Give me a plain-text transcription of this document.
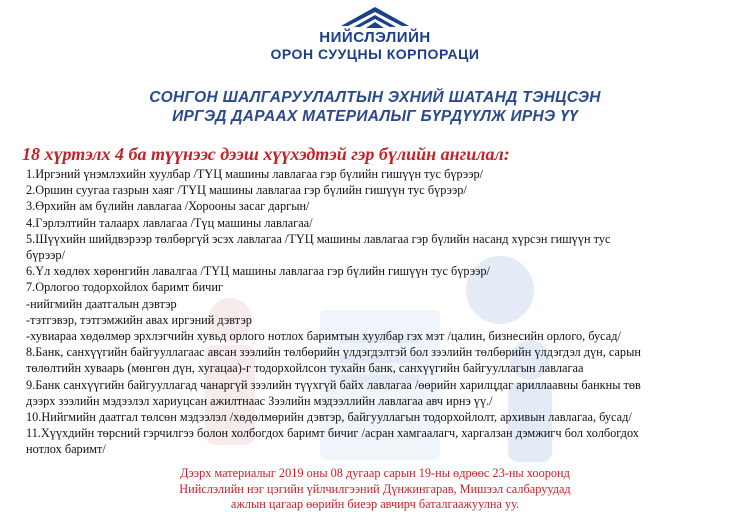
НИЙСЛЭЛИЙН
ОРОН СУУЦНЫ КОРПОРАЦИ
СОНГОН ШАЛГАРУУЛАЛТЫН ЭХНИЙ ШАТАНД ТЭНЦСЭН
ИРГЭД ДАРААХ МАТЕРИАЛЫГ БҮРДҮҮЛЖ ИРНЭ ҮҮ
18 хүртэлх 4 ба түүнээс дээш хүүхэдтэй гэр бүлийн ангилал:
1.Иргэний үнэмлэхийн хуулбар /ТҮЦ машины лавлагаа гэр бүлийн гишүүн тус бүрээр/
2.Оршин суугаа газрын хаяг /ТҮЦ машины лавлагаа гэр бүлийн гишүүн тус бүрээр/
3.Өрхийн ам бүлийн лавлагаа /Хорооны засаг даргын/
4.Гэрлэлтийн талаарх лавлагаа /Түц машины лавлагаа/
5.Шүүхийн шийдвэрээр төлбөргүй эсэх лавлагаа /ТҮЦ машины лавлагаа гэр бүлийн насанд хүрсэн гишүүн тус
бүрээр/
6.Үл хөдлөх хөрөнгийн лавалгаа /ТҮЦ машины лавлагаа гэр бүлийн гишүүн тус бүрээр/
7.Орлогоо тодорхойлох баримт бичиг
-нийгмийн даатгалын дэвтэр
-тэтгэвэр, тэтгэмжийн авах иргэний дэвтэр
-хувиараа хөдөлмөр эрхлэгчийн хувьд орлого нотлох баримтын хуулбар гэх мэт /цалин, бизнесийн орлого, бусад/
8.Банк, санхүүгийн байгууллагаас авсан зээлийн төлбөрийн үлдэгдэлтэй бол зээлийн төлбөрийн үлдэгдэл дүн, сарын
төлөлтийн хуваарь (мөнгөн дүн, хугацаа)-г тодорхойлсон тухайн банк, санхүүгийн байгууллагын лавлагаа
9.Банк санхүүгийн байгууллагад чанаргүй зээлийн түүхгүй байх лавлагаа /өөрийн харилцдаг ариллаавны банкны төв
дээрх зээлийн мэдээлэл хариуцсан ажилтнаас Зээлийн мэдээллийн лавлагаа авч ирнэ үү./
10.Нийгмийн даатгал төлсөн мэдээлэл /хөдөлмөрийн дэвтэр, байгууллагын тодорхойлолт, архивын лавлагаа, бусад/
11.Хүүхдийн төрсний гэрчилгээ болон холбогдох баримт бичиг /асран хамгаалагч, харгалзан дэмжигч бол холбогдох
нотлох баримт/
Дээрх материалыг 2019 оны 08 дугаар сарын 19-ны өдрөөс 23-ны хооронд
Нийслэлийн нэг цэгийн үйлчилгээний Дүнжингарав, Мишээл салбаруудад
ажлын цагаар өөрийн биеэр авчирч баталгаажуулна уу.
